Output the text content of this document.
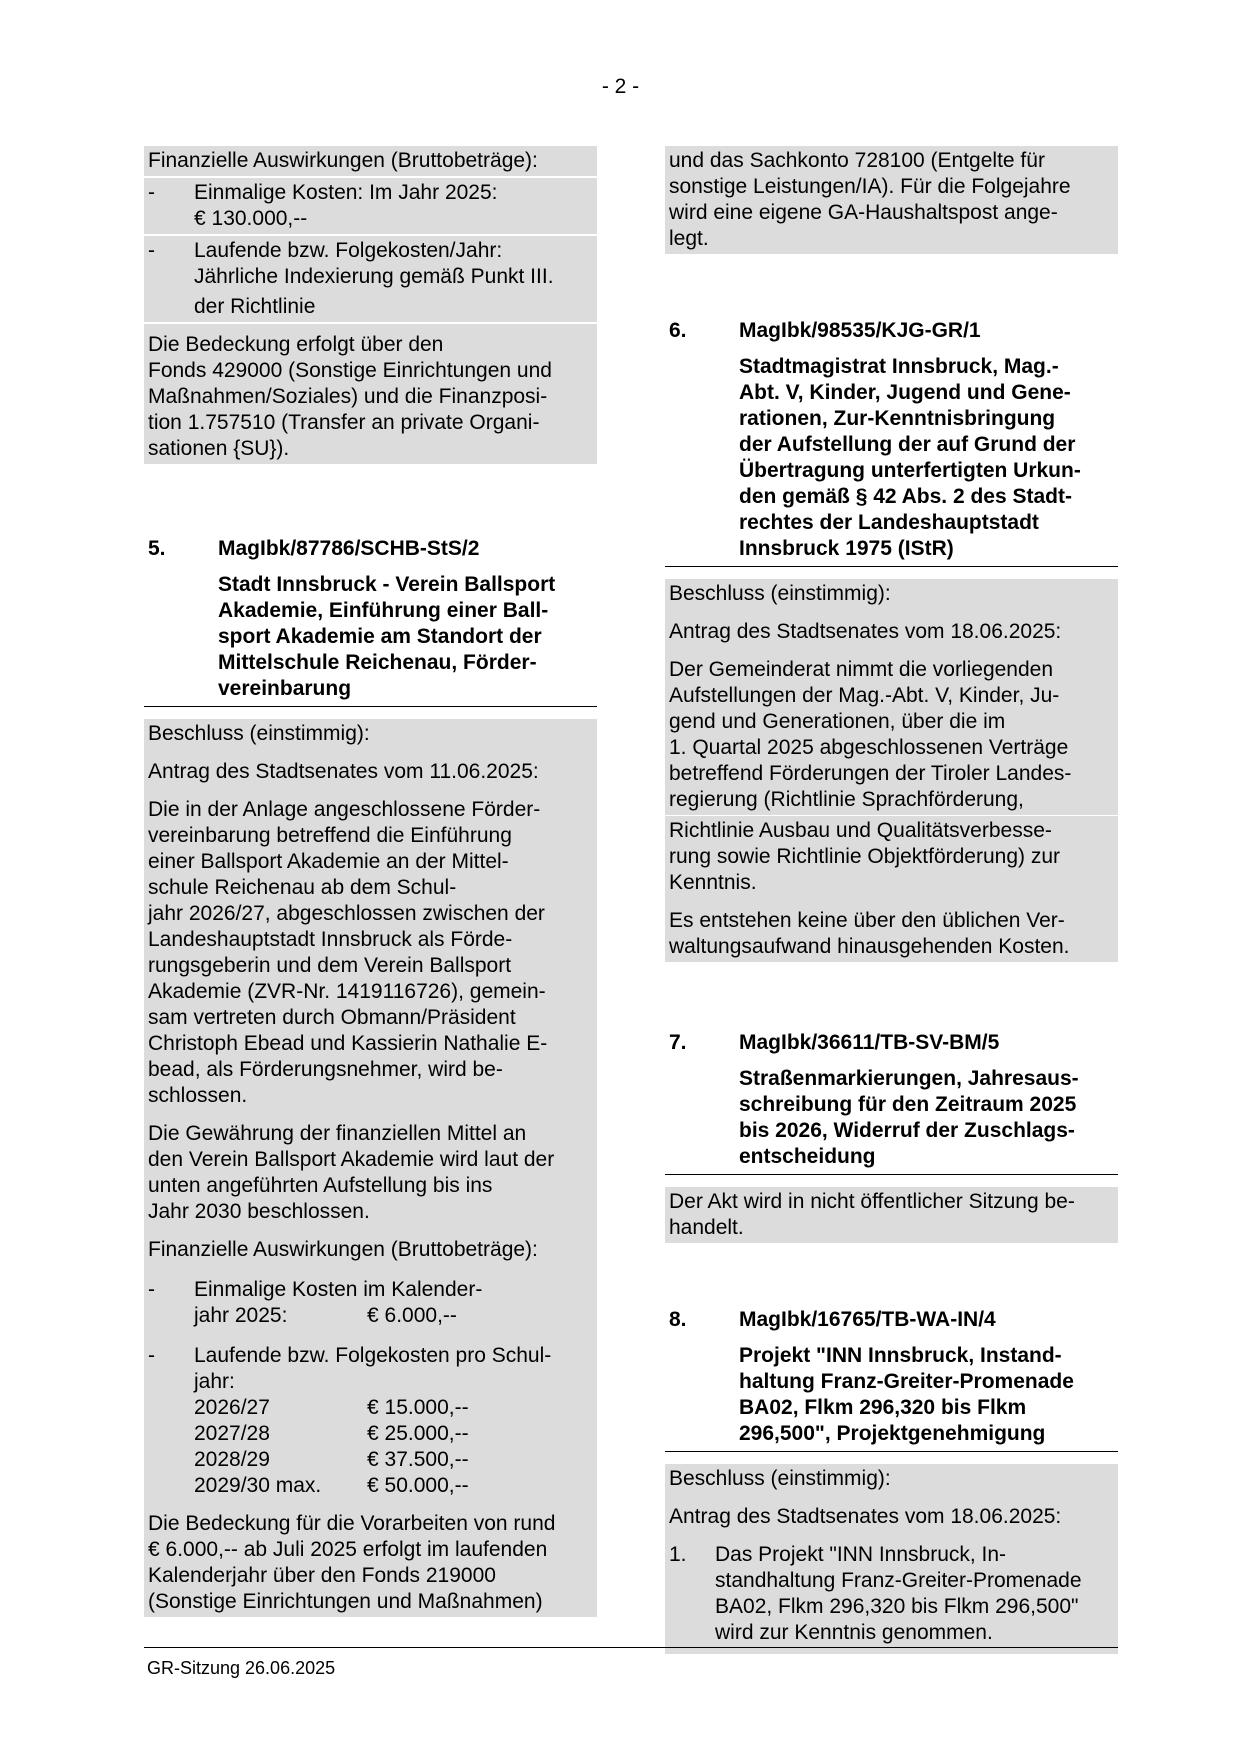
- 2 -
Finanzielle Auswirkungen (Bruttobeträge):
-	Einmalige Kosten: Im Jahr 2025:
€ 130.000,--
-	Laufende bzw. Folgekosten/Jahr:
Jährliche Indexierung gemäß Punkt III.
der Richtlinie
Die Bedeckung erfolgt über den
Fonds 429000 (Sonstige Einrichtungen und
Maßnahmen/Soziales) und die Finanzposi-
tion 1.757510 (Transfer an private Organi-
sationen {SU}).
5.	MagIbk/87786/SCHB-StS/2
Stadt Innsbruck - Verein Ballsport
Akademie, Einführung einer Ball-
sport Akademie am Standort der
Mittelschule Reichenau, Förder-
vereinbarung
Beschluss (einstimmig):
Antrag des Stadtsenates vom 11.06.2025:
Die in der Anlage angeschlossene Förder-
vereinbarung betreffend die Einführung
einer Ballsport Akademie an der Mittel-
schule Reichenau ab dem Schul-
jahr 2026/27, abgeschlossen zwischen der
Landeshauptstadt Innsbruck als Förde-
rungsgeberin und dem Verein Ballsport
Akademie (ZVR-Nr. 1419116726), gemein-
sam vertreten durch Obmann/Präsident
Christoph Ebead und Kassierin Nathalie E-
bead, als Förderungsnehmer, wird be-
schlossen.
Die Gewährung der finanziellen Mittel an
den Verein Ballsport Akademie wird laut der
unten angeführten Aufstellung bis ins
Jahr 2030 beschlossen.
Finanzielle Auswirkungen (Bruttobeträge):
-	Einmalige Kosten im Kalender-
jahr 2025:	€ 6.000,--
-	Laufende bzw. Folgekosten pro Schul-
jahr:
2026/27	€ 15.000,--
2027/28	€ 25.000,--
2028/29	€ 37.500,--
2029/30 max.	€ 50.000,--
Die Bedeckung für die Vorarbeiten von rund
€ 6.000,-- ab Juli 2025 erfolgt im laufenden
Kalenderjahr über den Fonds 219000
(Sonstige Einrichtungen und Maßnahmen)
und das Sachkonto 728100 (Entgelte für
sonstige Leistungen/IA). Für die Folgejahre
wird eine eigene GA-Haushaltspost ange-
legt.
6.	MagIbk/98535/KJG-GR/1
Stadtmagistrat Innsbruck, Mag.-
Abt. V, Kinder, Jugend und Gene-
rationen, Zur-Kenntnisbringung
der Aufstellung der auf Grund der
Übertragung unterfertigten Urkun-
den gemäß § 42 Abs. 2 des Stadt-
rechtes der Landeshauptstadt
Innsbruck 1975 (IStR)
Beschluss (einstimmig):
Antrag des Stadtsenates vom 18.06.2025:
Der Gemeinderat nimmt die vorliegenden
Aufstellungen der Mag.-Abt. V, Kinder, Ju-
gend und Generationen, über die im
1. Quartal 2025 abgeschlossenen Verträge
betreffend Förderungen der Tiroler Landes-
regierung (Richtlinie Sprachförderung,
Richtlinie Ausbau und Qualitätsverbesse-
rung sowie Richtlinie Objektförderung) zur
Kenntnis.
Es entstehen keine über den üblichen Ver-
waltungsaufwand hinausgehenden Kosten.
7.	MagIbk/36611/TB-SV-BM/5
Straßenmarkierungen, Jahresaus-
schreibung für den Zeitraum 2025
bis 2026, Widerruf der Zuschlags-
entscheidung
Der Akt wird in nicht öffentlicher Sitzung be-
handelt.
8.	MagIbk/16765/TB-WA-IN/4
Projekt "INN Innsbruck, Instand-
haltung Franz-Greiter-Promenade
BA02, Flkm 296,320 bis Flkm
296,500", Projektgenehmigung
Beschluss (einstimmig):
Antrag des Stadtsenates vom 18.06.2025:
1.	Das Projekt "INN Innsbruck, In-
standhaltung Franz-Greiter-Promenade
BA02, Flkm 296,320 bis Flkm 296,500"
wird zur Kenntnis genommen.
GR-Sitzung 26.06.2025
